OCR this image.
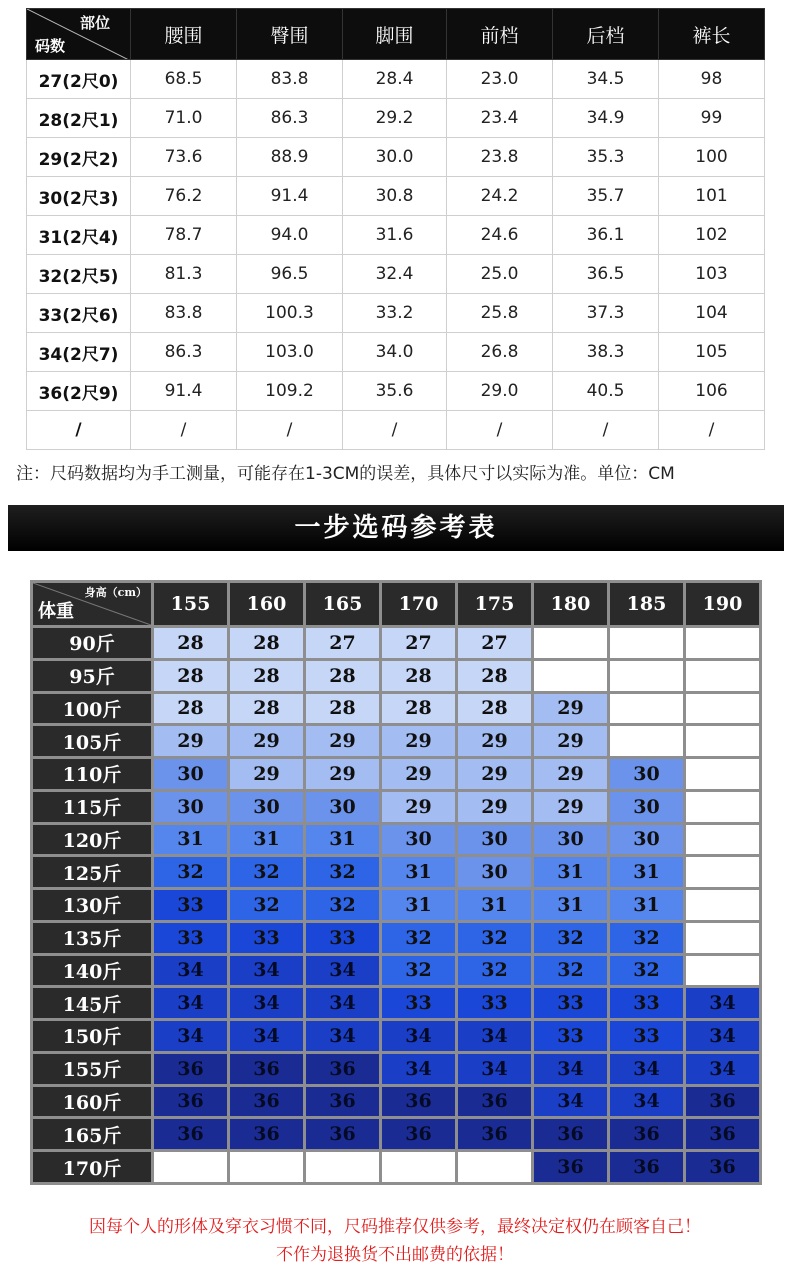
部位
码数	腰围	臀围	脚围	前档	后档	裤长
27(2尺0)	68.5	83.8	28.4	23.0	34.5	98
28(2尺1)	71.0	86.3	29.2	23.4	34.9	99
29(2尺2)	73.6	88.9	30.0	23.8	35.3	100
30(2尺3)	76.2	91.4	30.8	24.2	35.7	101
31(2尺4)	78.7	94.0	31.6	24.6	36.1	102
32(2尺5)	81.3	96.5	32.4	25.0	36.5	103
33(2尺6)	83.8	100.3	33.2	25.8	37.3	104
34(2尺7)	86.3	103.0	34.0	26.8	38.3	105
36(2尺9)	91.4	109.2	35.6	29.0	40.5	106
/	/	/	/	/	/	/
注：尺码数据均为手工测量，可能存在1-3CM的误差，具体尺寸以实际为准。单位：CM
一步选码参考表
身高（cm）
体重	155	160	165	170	175	180	185	190
90斤	28	28	27	27	27			
95斤	28	28	28	28	28			
100斤	28	28	28	28	28	29		
105斤	29	29	29	29	29	29		
110斤	30	29	29	29	29	29	30	
115斤	30	30	30	29	29	29	30	
120斤	31	31	31	30	30	30	30	
125斤	32	32	32	31	30	31	31	
130斤	33	32	32	31	31	31	31	
135斤	33	33	33	32	32	32	32	
140斤	34	34	34	32	32	32	32	
145斤	34	34	34	33	33	33	33	34
150斤	34	34	34	34	34	33	33	34
155斤	36	36	36	34	34	34	34	34
160斤	36	36	36	36	36	34	34	36
165斤	36	36	36	36	36	36	36	36
170斤						36	36	36
因每个人的形体及穿衣习惯不同，尺码推荐仅供参考，最终决定权仍在顾客自己！
不作为退换货不出邮费的依据！
